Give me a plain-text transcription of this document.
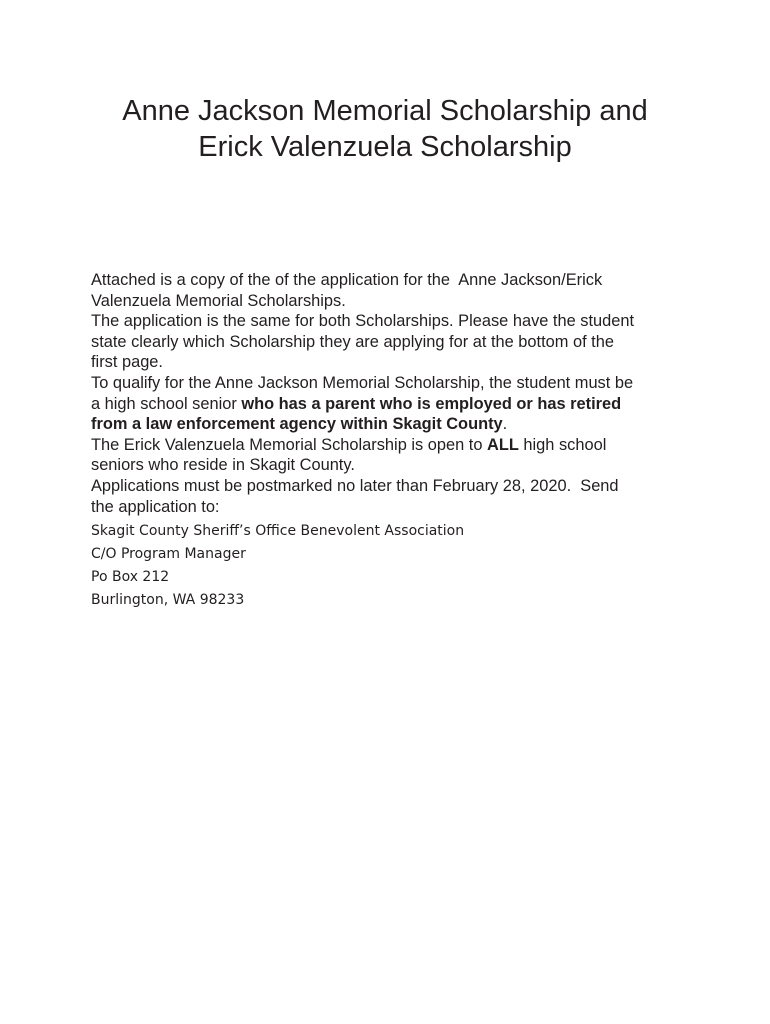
Anne Jackson Memorial Scholarship and
Erick Valenzuela Scholarship
Attached is a copy of the of the application for the  Anne Jackson/Erick
Valenzuela Memorial Scholarships.
The application is the same for both Scholarships. Please have the student
state clearly which Scholarship they are applying for at the bottom of the
first page.
To qualify for the Anne Jackson Memorial Scholarship, the student must be
a high school senior who has a parent who is employed or has retired
from a law enforcement agency within Skagit County.
The Erick Valenzuela Memorial Scholarship is open to ALL high school
seniors who reside in Skagit County.
Applications must be postmarked no later than February 28, 2020.  Send
the application to:
Skagit County Sheriff’s Office Benevolent Association
C/O Program Manager
Po Box 212
Burlington, WA 98233
